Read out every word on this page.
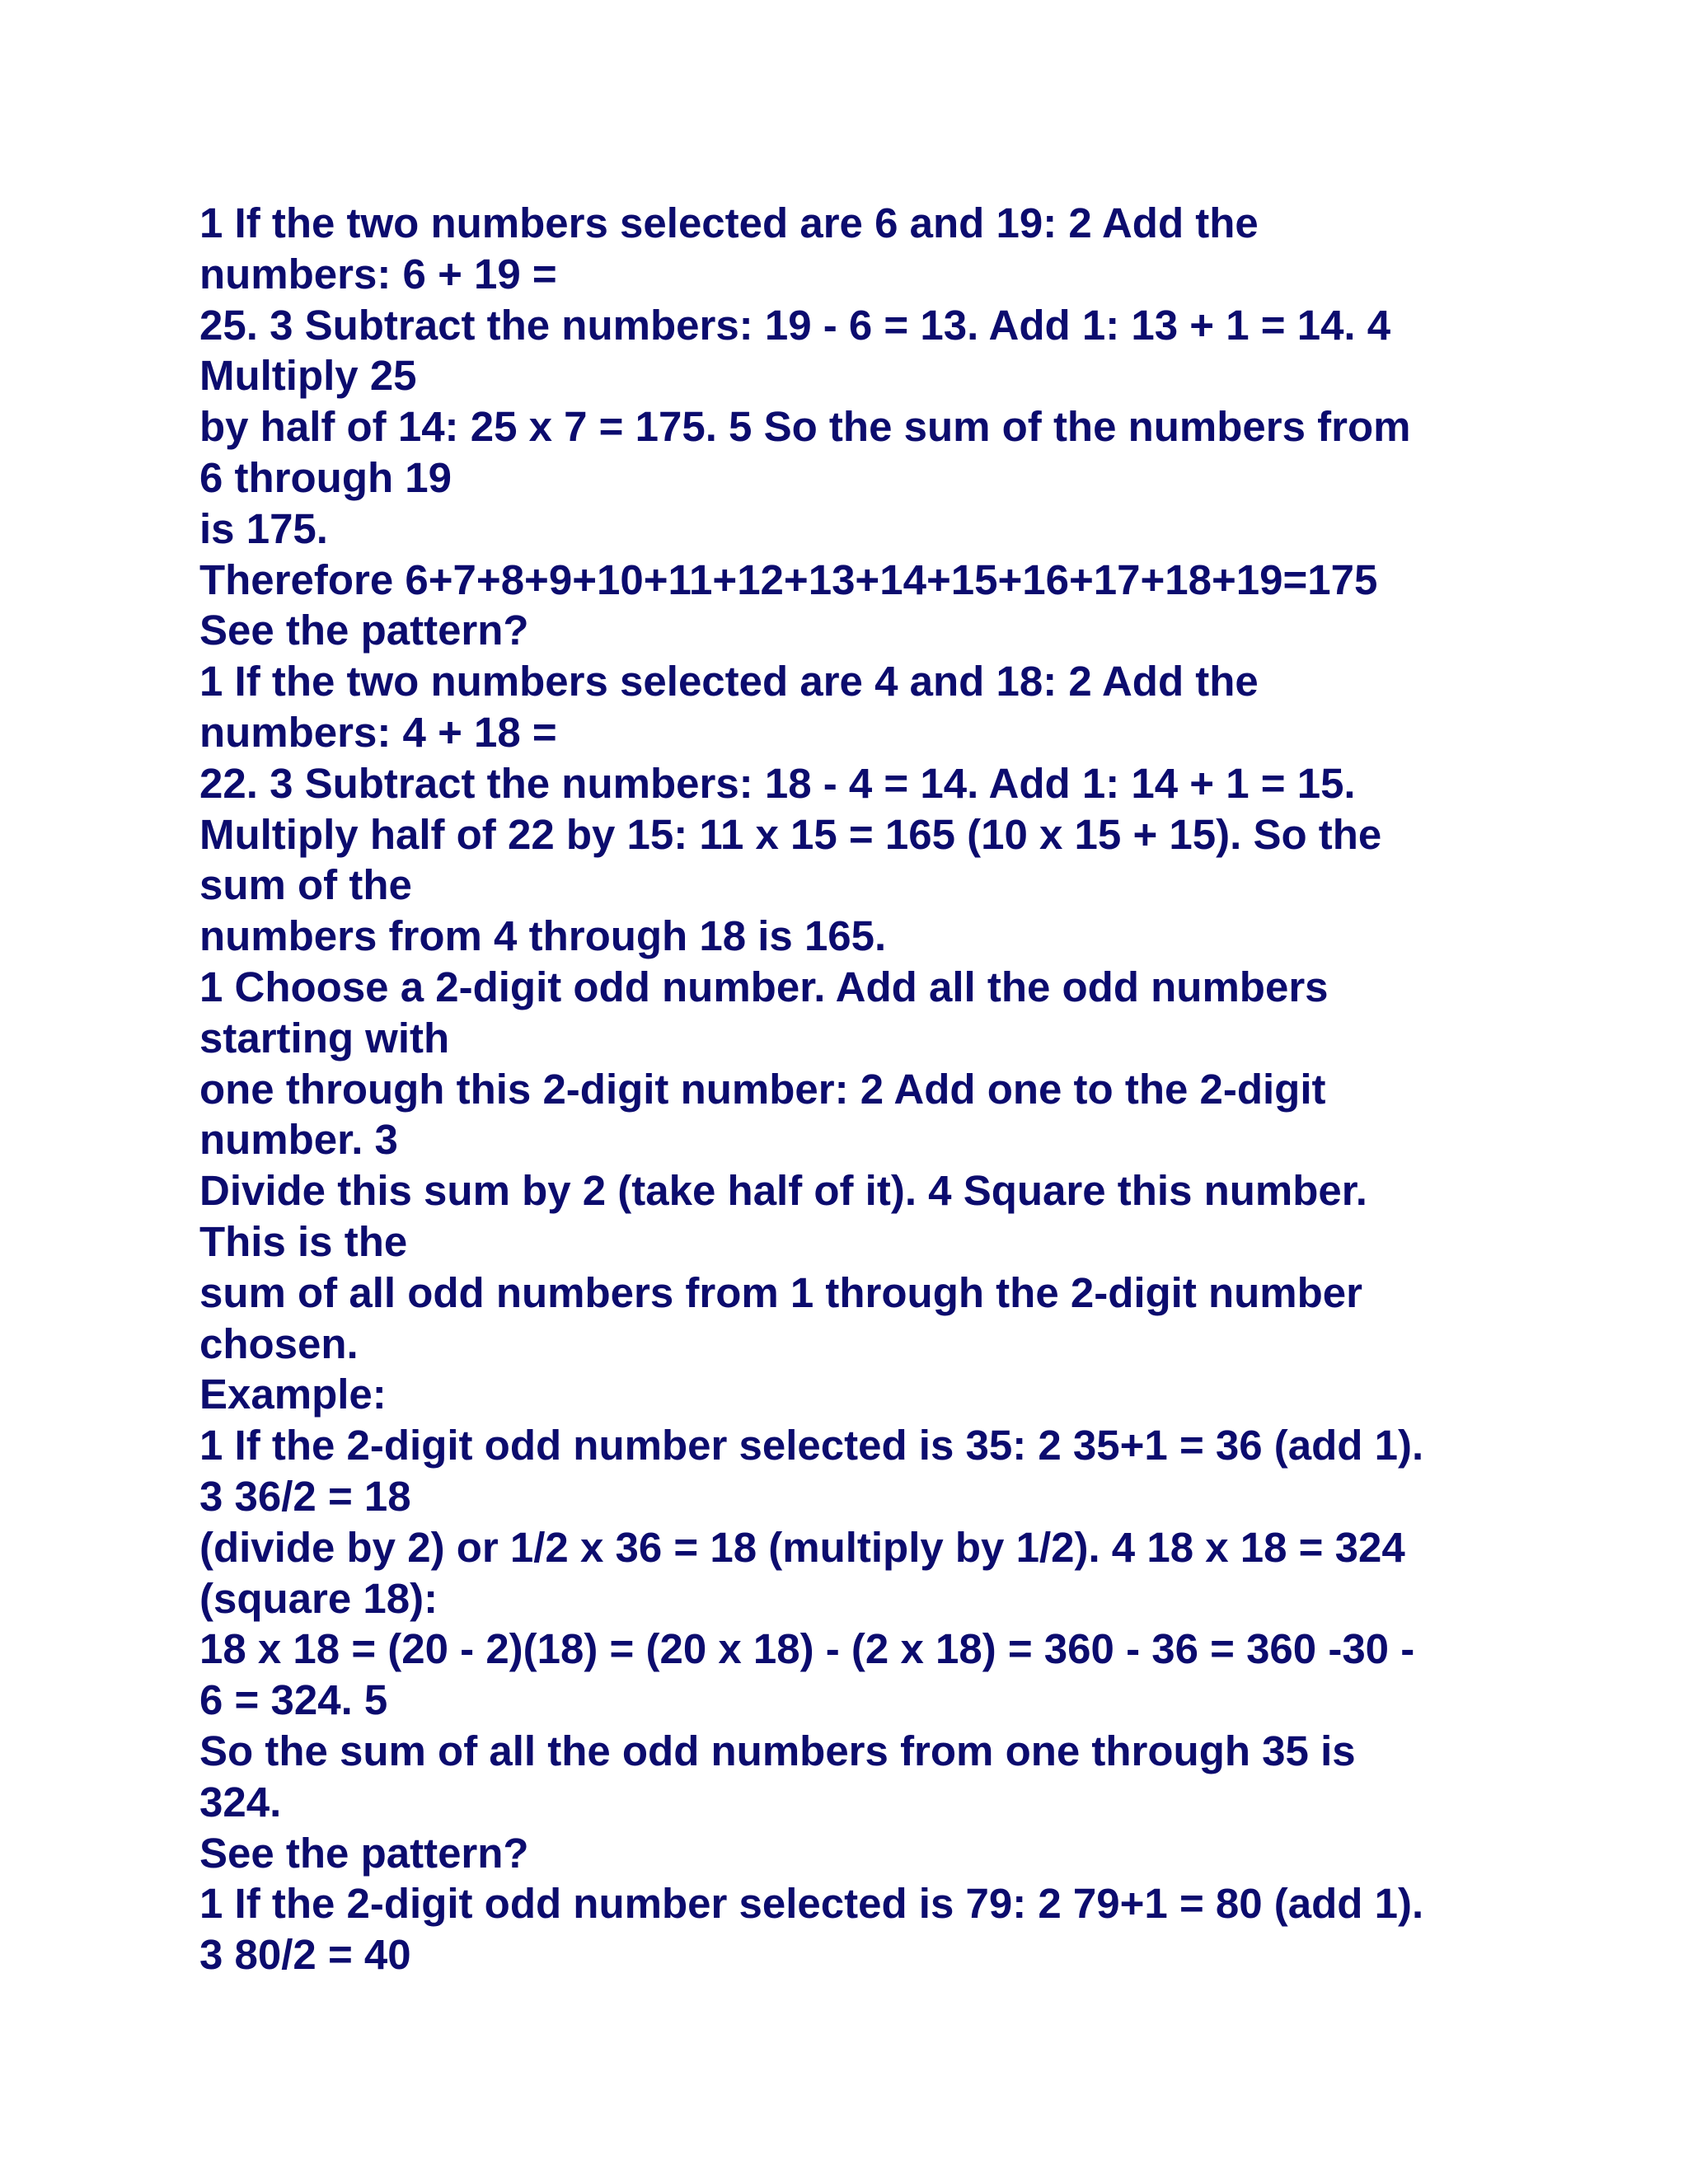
1 If the two numbers selected are 6 and 19: 2 Add the

numbers: 6 + 19 =

25. 3 Subtract the numbers: 19 - 6 = 13. Add 1: 13 + 1 = 14. 4

Multiply 25

by half of 14: 25 x 7 = 175. 5 So the sum of the numbers from

6 through 19

is 175.

Therefore 6+7+8+9+10+11+12+13+14+15+16+17+18+19=175

See the pattern?

1 If the two numbers selected are 4 and 18: 2 Add the

numbers: 4 + 18 =

22. 3 Subtract the numbers: 18 - 4 = 14. Add 1: 14 + 1 = 15.

Multiply half of 22 by 15: 11 x 15 = 165 (10 x 15 + 15). So the

sum of the

numbers from 4 through 18 is 165.

1 Choose a 2-digit odd number. Add all the odd numbers

starting with

one through this 2-digit number: 2 Add one to the 2-digit

number. 3

Divide this sum by 2 (take half of it). 4 Square this number.

This is the

sum of all odd numbers from 1 through the 2-digit number

chosen.

Example:

1 If the 2-digit odd number selected is 35: 2 35+1 = 36 (add 1).

3 36/2 = 18

(divide by 2) or 1/2 x 36 = 18 (multiply by 1/2). 4 18 x 18 = 324

(square 18):

18 x 18 = (20 - 2)(18) = (20 x 18) - (2 x 18) = 360 - 36 = 360 -30 -

6 = 324. 5

So the sum of all the odd numbers from one through 35 is

324.

See the pattern?

1 If the 2-digit odd number selected is 79: 2 79+1 = 80 (add 1).

3 80/2 = 40
